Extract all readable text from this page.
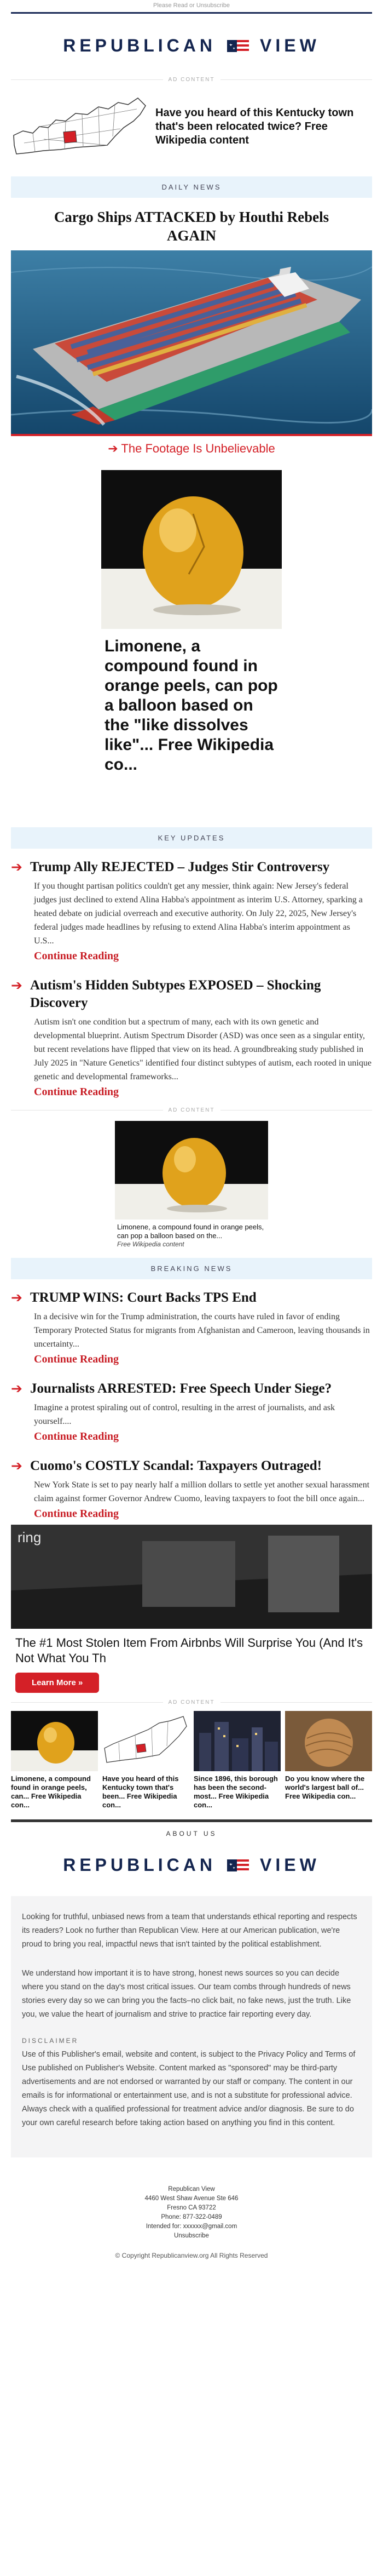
Please Read or Unsubscribe
REPUBLICAN	VIEW
AD CONTENT
Have you heard of this Kentucky town that's been relocated twice? Free Wikipedia content
DAILY NEWS
Cargo Ships ATTACKED by Houthi Rebels AGAIN
➔ The Footage Is Unbelievable
Limonene, a compound found in orange peels, can pop a balloon based on the "like dissolves like"... Free Wikipedia co...
KEY UPDATES
➔ Trump Ally REJECTED – Judges Stir Controversy

If you thought partisan politics couldn't get any messier, think again: New Jersey's federal judges just declined to extend Alina Habba's appointment as interim U.S. Attorney, sparking a heated debate on judicial overreach and executive authority. On July 22, 2025, New Jersey's federal judges made headlines by refusing to extend Alina Habba's interim appointment as U.S...

Continue Reading
➔ Autism's Hidden Subtypes EXPOSED – Shocking Discovery

Autism isn't one condition but a spectrum of many, each with its own genetic and developmental blueprint. Autism Spectrum Disorder (ASD) was once seen as a singular entity, but recent revelations have flipped that view on its head. A groundbreaking study published in July 2025 in "Nature Genetics" identified four distinct subtypes of autism, each rooted in unique genetic and developmental frameworks...

Continue Reading
AD CONTENT
Limonene, a compound found in orange peels, can pop a balloon based on the...
Free Wikipedia content
BREAKING NEWS
➔ TRUMP WINS: Court Backs TPS End

In a decisive win for the Trump administration, the courts have ruled in favor of ending Temporary Protected Status for migrants from Afghanistan and Cameroon, leaving thousands in uncertainty...

Continue Reading
➔ Journalists ARRESTED: Free Speech Under Siege?

Imagine a protest spiraling out of control, resulting in the arrest of journalists, and ask yourself....

Continue Reading
➔ Cuomo's COSTLY Scandal: Taxpayers Outraged!

New York State is set to pay nearly half a million dollars to settle yet another sexual harassment claim against former Governor Andrew Cuomo, leaving taxpayers to foot the bill once again...

Continue Reading
ring
The #1 Most Stolen Item From Airbnbs Will Surprise You (And It's Not What You Th
Learn More »
AD CONTENT
Limonene, a compound found in orange peels, can... Free Wikipedia con...
Have you heard of this Kentucky town that's been... Free Wikipedia con...
Since 1896, this borough has been the second-most... Free Wikipedia con...
Do you know where the world's largest ball of... Free Wikipedia con...
ABOUT US
REPUBLICAN	VIEW

Looking for truthful, unbiased news from a team that understands ethical reporting and respects its readers? Look no further than Republican View. Here at our American publication, we're proud to bring you real, impactful news that isn't tainted by the political establishment.

We understand how important it is to have strong, honest news sources so you can decide where you stand on the day's most critical issues. Our team combs through hundreds of news stories every day so we can bring you the facts–no click bait, no fake news, just the truth. Like you, we value the heart of journalism and strive to practice fair reporting every day.

DISCLAIMER

Use of this Publisher's email, website and content, is subject to the Privacy Policy and Terms of Use published on Publisher's Website. Content marked as "sponsored" may be third-party advertisements and are not endorsed or warranted by our staff or company. The content in our emails is for informational or entertainment use, and is not a substitute for professional advice. Always check with a qualified professional for treatment advice and/or diagnosis. Be sure to do your own careful research before taking action based on anything you find in this content.

Republican View
4460 West Shaw Avenue Ste 646
Fresno CA 93722
Phone: 877-322-0489
Intended for: xxxxxx@gmail.com
Unsubscribe
© Copyright Republicanview.org All Rights Reserved
